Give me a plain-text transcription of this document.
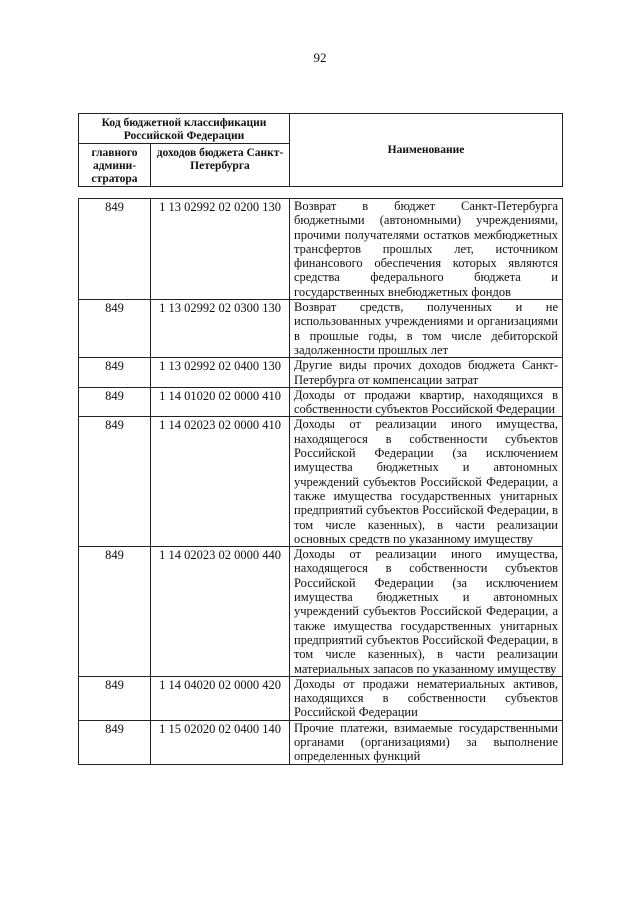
92
Код бюджетной классификации Российской Федерации		Наименование
главного админи-стратора	доходов бюджета Санкт-Петербурга	
849	1 13 02992 02 0200 130	Возврат в бюджет Санкт-Петербурга бюджетными (автономными) учреждениями, прочими получателями остатков межбюджетных трансфертов прошлых лет, источником финансового обеспечения которых являются средства федерального бюджета и государственных внебюджетных фондов
849	1 13 02992 02 0300 130	Возврат средств, полученных и не использованных учреждениями и организациями в прошлые годы, в том числе дебиторской задолженности прошлых лет
849	1 13 02992 02 0400 130	Другие виды прочих доходов бюджета Санкт-Петербурга от компенсации затрат
849	1 14 01020 02 0000 410	Доходы от продажи квартир, находящихся в собственности субъектов Российской Федерации
849	1 14 02023 02 0000 410	Доходы от реализации иного имущества, находящегося в собственности субъектов Российской Федерации (за исключением имущества бюджетных и автономных учреждений субъектов Российской Федерации, а также имущества государственных унитарных предприятий субъектов Российской Федерации, в том числе казенных), в части реализации основных средств по указанному имуществу
849	1 14 02023 02 0000 440	Доходы от реализации иного имущества, находящегося в собственности субъектов Российской Федерации (за исключением имущества бюджетных и автономных учреждений субъектов Российской Федерации, а также имущества государственных унитарных предприятий субъектов Российской Федерации, в том числе казенных), в части реализации материальных запасов по указанному имуществу
849	1 14 04020 02 0000 420	Доходы от продажи нематериальных активов, находящихся в собственности субъектов Российской Федерации
849	1 15 02020 02 0400 140	Прочие платежи, взимаемые государственными органами (организациями) за выполнение определенных функций
